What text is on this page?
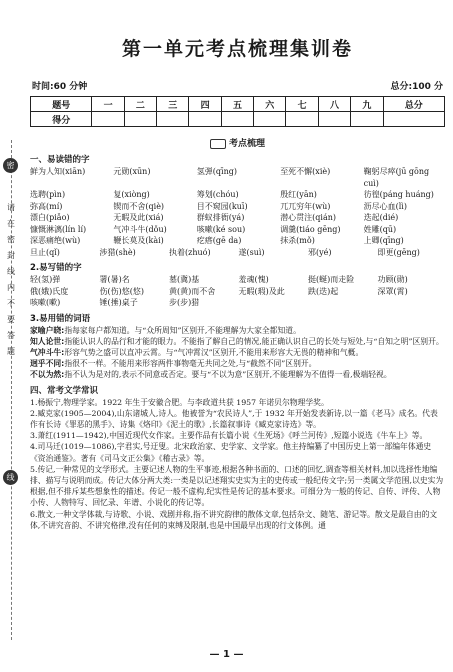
密
请
在
密
封
线
内
不
要
答
题
线
第一单元考点梳理集训卷
时间:60 分钟	总分:100 分
题号	一	二	三	四	五	六	七	八	九	总分
得分										
考点梳理
一、易读错的字
鲜为人知(xiān)	元勋(xūn)	氢弹(qīng)	至死不懈(xiè)	鞠躬尽瘁(jū gōng cuì)
选聘(pìn)	复(xiòng)	筹划(chóu)	殷红(yān)	彷徨(páng huáng)
弥高(mí)	锲而不舍(qiè)	目不窥园(kuī)	兀兀穷年(wù)	沥尽心血(lì)
漂白(piǎo)	无暇及此(xiá)	群蚁排衙(yá)	潜心贯注(qián)	迭起(dié)
慷慨淋漓(lín lí)	气冲斗牛(dǒu)	咳嗽(ké sou)	调羹(tiáo gēng)	姓雕(qū)
深恶痛绝(wù)	鞭长莫及(kài)	疙瘩(gē da)	抹杀(mǒ)	上卿(qīng)
旦止(qǐ)	涉猎(shè)	执着(zhuó)	遂(suì)	邪(yé)	即更(gēng)
2.易写错的字
轻(氢)弹	署(暑)名	墓(冀)基	羞魂(愧)	挺(蜒)而走险	功顾(勋)
俄(娥)氏度	伤(伤)悠(悠)	黄(黄)而不舍	无暇(瑕)及此	跌(迭)起	深罩(霄)
咳嗽(嗽)	锤(捶)桌子	步(步)猎
3.易用错的词语

家喻户晓:指每家每户都知道。与“众所周知”区别开,不能理解为大家全都知道。

知人论世:指能认识人的品行和才能的眼力。不能指了解自己的情况,能正确认识自己的长处与短处,与“自知之明”区别开。

气冲斗牛:形容气势之盛可以直冲云霄。与“气冲霄汉”区别开,不能用来形容大无畏的精神和气概。

迥乎不同:指很不一样。不能用来形容两件事物毫无共同之处,与“截然不同”区别开。

不以为然:指不认为是对的,表示不同意或否定。要与“不以为意”区别开,不能理解为不值得一看,极端轻视。

四、常考文学常识

1.杨振宁,物理学家。1922 年生于安徽合肥。与李政道共获 1957 年诺贝尔物理学奖。

2.臧克家(1905—2004),山东诸城人,诗人。他被誉为“农民诗人”,于 1932 年开始发表新诗,以一篇《老马》成名。代表作有长诗《罪恶的黑手》、诗集《烙印》《泥土的歌》,长篇叙事诗《臧克家诗选》等。

3.萧红(1911—1942),中国近现代女作家。主要作品有长篇小说《生死场》《呼兰河传》,短篇小说选《牛车上》等。

4.司马迁(1019—1086),字君实,号迂叟。北宋政治家、史学家、文学家。他主持编纂了中国历史上第一部编年体通史《资治通鉴》。著有《司马文正公集》《稽古录》等。

5.传记,一种常见的文学形式。主要记述人物的生平事迹,根据各种书面的、口述的回忆,调查等相关材料,加以选择性地编排、描写与说明而成。传记大体分两大类:一类是以记述翔实史实为主的史传或一般纪传文字;另一类属文学范围,以史实为根据,但不排斥某些想象性的描述。传记一般不虚构,纪实性是传记的基本要求。可细分为一般的传记、自传、评传、人物小传、人物特写、回忆录、年谱、小说化的传记等。

6.散文,一种文学体裁,与诗歌、小说、戏剧并称,指不讲究韵律的散体文章,包括杂文、随笔、游记等。散文是最自由的文体,不讲究音韵、不讲究格律,没有任何的束缚及限制,也是中国最早出现的行文体例。通

— 1 —
